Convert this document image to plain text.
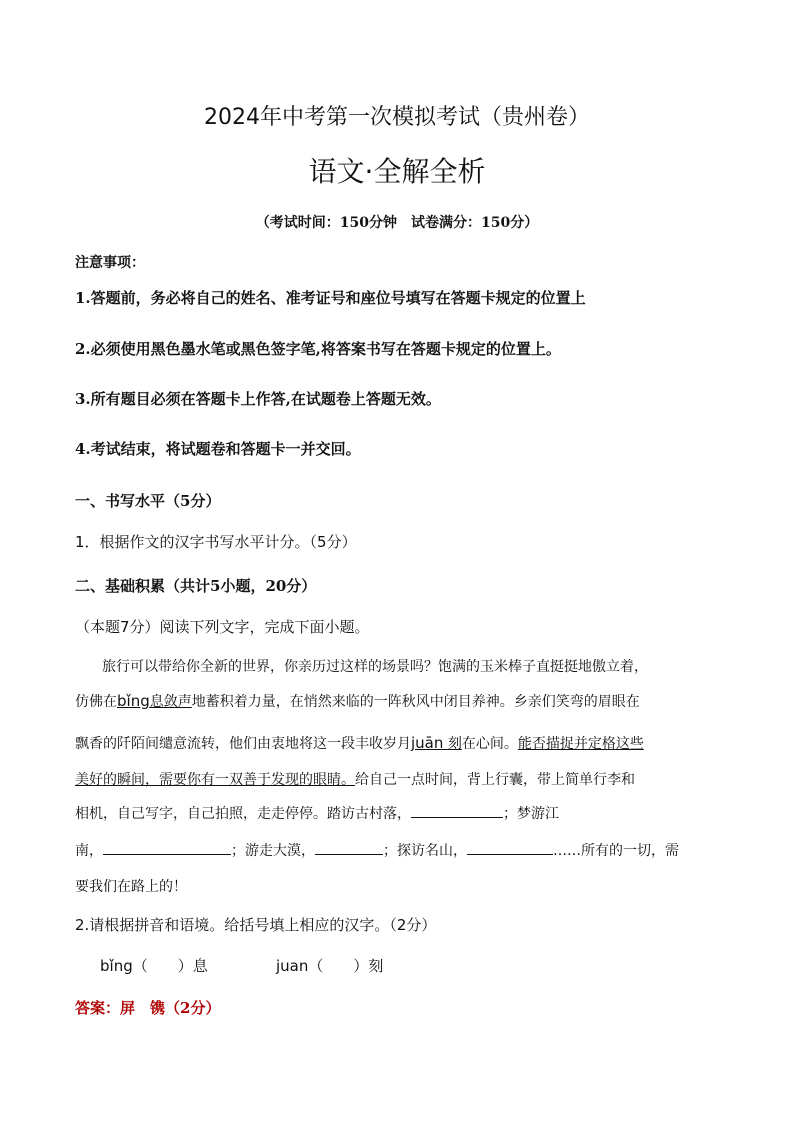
2024年中考第一次模拟考试（贵州卷）
语文·全解全析
（考试时间：150分钟　试卷满分：150分）
注意事项：
1.答题前，务必将自己的姓名、准考证号和座位号填写在答题卡规定的位置上
2.必须使用黑色墨水笔或黑色签字笔,将答案书写在答题卡规定的位置上。
3.所有题目必须在答题卡上作答,在试题卷上答题无效。
4.考试结束，将试题卷和答题卡一并交回。
一、书写水平（5分）
1．根据作文的汉字书写水平计分。（5分）
二、基础积累（共计5小题，20分）
（本题7分）阅读下列文字，完成下面小题。
旅行可以带给你全新的世界，你亲历过这样的场景吗？饱满的玉米棒子直挺挺地傲立着，
仿佛在bǐng息敛声地蓄积着力量，在悄然来临的一阵秋风中闭目养神。乡亲们笑弯的眉眼在
飘香的阡陌间缱意流转，他们由衷地将这一段丰收岁月juān 刻在心间。能否描捉并定格这些
美好的瞬间，需要你有一双善于发现的眼睛。给自己一点时间，背上行囊，带上简单行李和
相机，自己写字，自己拍照，走走停停。踏访古村落，	；梦游江
南，	；游走大漠，	；探访名山，	……所有的一切，需
要我们在路上的！
2.请根据拼音和语境。给括号填上相应的汉字。（2分）
bǐng（　　）息	juan（　　）刻
答案：屏　镌（2分）
